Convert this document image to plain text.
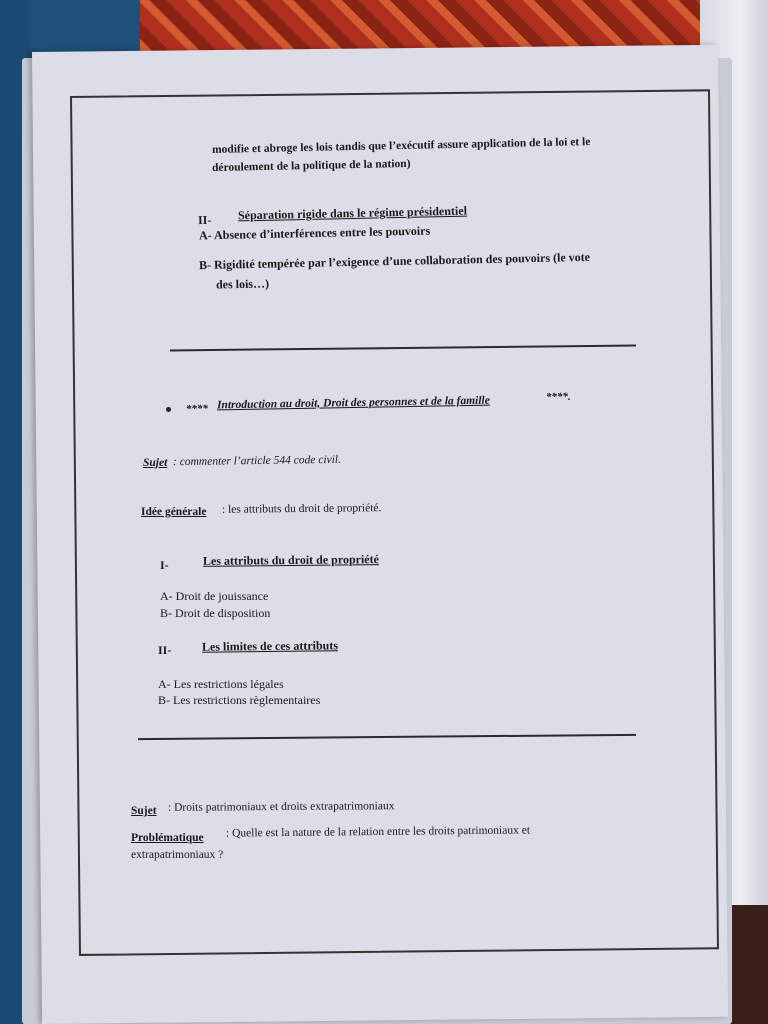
modifie et abroge les lois tandis que l’exécutif assure application de la loi et le
déroulement de la politique de la nation)
II- Séparation rigide dans le régime présidentiel
A- Absence d’interférences entre les pouvoirs
B- Rigidité tempérée par l’exigence d’une collaboration des pouvoirs (le vote
des lois…)
**** Introduction au droit, Droit des personnes et de la famille	****.
Sujet : commenter l’article 544 code civil.
Idée générale : les attributs du droit de propriété.
I-	Les attributs du droit de propriété
A- Droit de jouissance
B- Droit de disposition
II-	Les limites de ces attributs
A- Les restrictions légales
B- Les restrictions règlementaires
Sujet : Droits patrimoniaux et droits extrapatrimoniaux
Problématique : Quelle est la nature de la relation entre les droits patrimoniaux et
extrapatrimoniaux ?
